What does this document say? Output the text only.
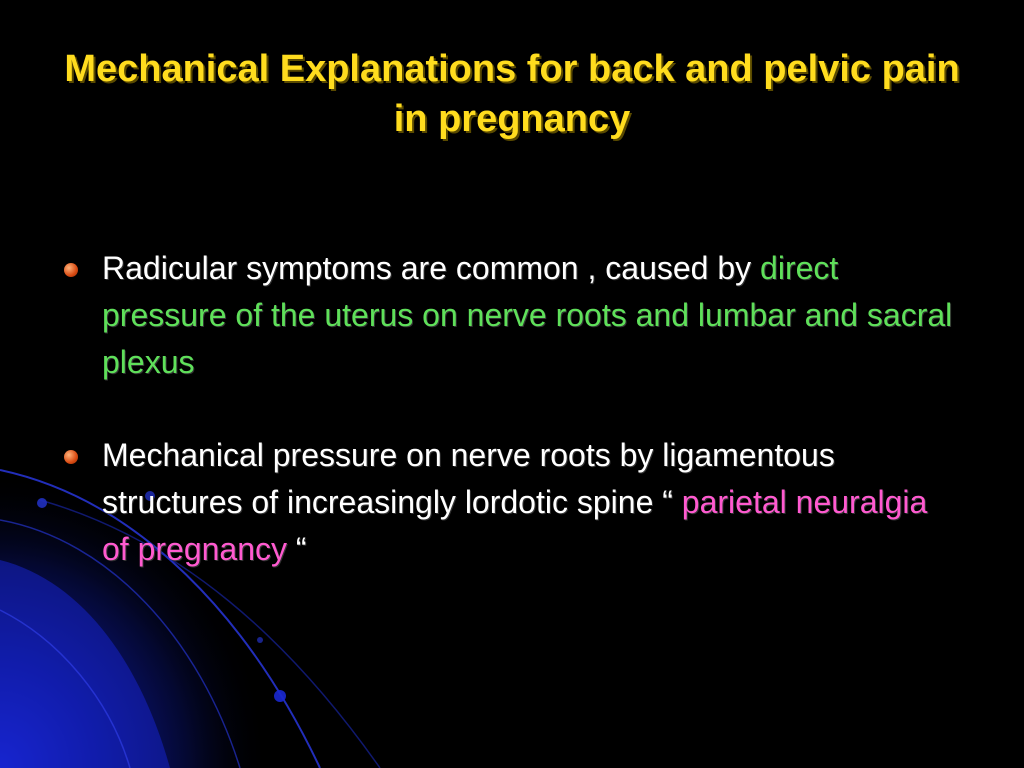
Mechanical Explanations for back and pelvic pain in pregnancy
Radicular symptoms are common , caused by direct pressure of the uterus on nerve roots and lumbar and sacral plexus
Mechanical pressure on nerve roots by ligamentous structures of increasingly lordotic spine “ parietal neuralgia of pregnancy “
